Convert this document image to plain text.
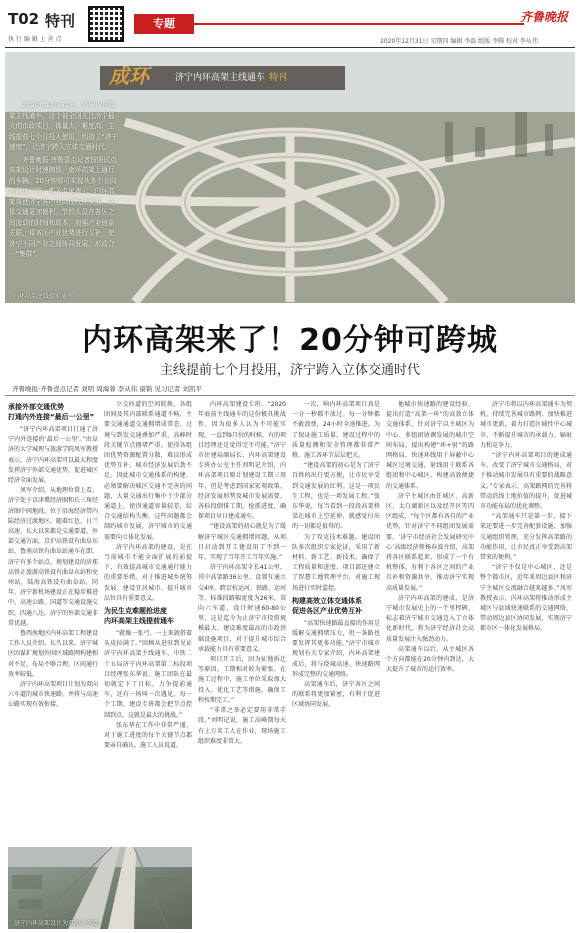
T02 特刊
执 行 编 辑 上 善 点
专题	齐鲁晚报
2020年12月31日 星期四 编辑 李磊 组版 李腾 校对 李从伟
成环	济宁内环高架主线通车 特刊

2020年12月31日，济宁内环高架主线通车，这个被全国关注济宁最大的市政项目，体量大、难度高、主线提前七个月投入使用，创造了“济宁速度”，让济宁跨入立体交通时代。

齐鲁晚报·齐鲁壹点记者按照试点高架设计时速测算，南环高架上通行的车辆，20分钟即可实现从多个方向跨越济宁城，都关专家表示，内环高架将使济宁各产业向现代化发展，立体交通更加便利，节约人员在各区之间流动的时间和成本，加强产业链条关联，将各区产业优势进行互补，使济宁不同产业之间协同发展，形成合一“集群”。

内环高架主线提前通车
内环高架来了！20分钟可跨城
主线提前七个月投用，济宁跨入立体交通时代
齐鲁晚报·齐鲁壹点记者 刘明 周海蓉 李从伟 康锴 见习记者 刘凯平
承接外部交通优势
打通内外连接“最后一公里”

“济宁内环高架项目打通了济宁内外连接的‘最后一公里’。”由阜济的大学城理与旅游学院凤军教授表示，济宁内环高架可以最大程度发挥济宁外部交通优势，促进城区经济全面发展。

凤军介绍，从地理位置上看，济宁处于京津冀经济圈和长三角经济圈中间地段，位于沿海经济带内陆经济过渡地区，随着红色、日兰高速、长大以来都是交通要道，外部交通方面，京沪高铁设有曲阜东站，鲁南高铁有曲阜站通车在即，济宁有多个站点，规划建设的济郑高铁正旅游高铁设有曲阜东站和兖州站，陆海高铁设有曲阜站。同年，济宁新机场建设正在稳步推进中。高速公路、国道等交通设施交织，四通八达，济宁的外部交通非常优越。

鲁西南地区内环高架工程建设工作人员介绍，长久以来，济宁城区因谋扩规划外围区域路网构建相对不足，布局不够合理，区间通行效率较低。

济宁内环高架项目计划为双向六车道的城市快速路，并将与高速公路实现有效衔接。

立交匝道的空间转换，各组团间及其内部联系通道不畅，主要交通通道交通拥堵成常态，过境与到发交通叠加严重，高峰时段关键节点拥堵严重。使得各组团优势资源配置分散，难以形成优势互补，城市经济发展后劲不足。因此城市交通体系的构建，必须要解决城区交通不完善的问题，大量交通出行集中于少部分通道上，使得通道容量较差，综合交通结构失衡。这些问题都会制约城市发展，济宁城市的交通需要向立体化发展。

济宁内环高架的建设，是在当前城市不能全面扩展的前提下，有效提高城市交通通行能力的重要举措。对于推进城乡统筹发展、建设宜居城市、提升城市品位具有重要意义。

为民生克难题抢进度
内环高架主线提前通车

“就像一张弓，一上来就搭着头皮拉满了。”回顾从进驻到见证济宁内环高架主线通车，中铁二十五局济宁内环高架第二标段项目经理张东华说，施工团队在最初就定下了目标，力争提前通车，还有一场叫一次遇见。每一个工期，建设专班都会把节点控制到点，这就是最大的挑战。”

张东华在工作中非常严谨，对于施工进度的每个关键节点都要亲自确认，施工人员说道。

内环高架建设专班。“2020年底前主线通车的这份极具挑战性，因为很多人认为不可能实现，一直到9月份的时候，有的项目经理还是觉得完不可能。”济宁市住建局副局长、内环高架建设专班办公室主任刘明记介绍，内环高架项目原计划建设工期三周年，但是考虑到国家宏观政策、经济发展形势及城市发展需要，各标段倒排工期，抢抓进度，确保项目早日建成通车。

“建设高架的初心就是为了缓解济宁城区交通拥堵问题，从项目启动到开工建设用了不到一年，实现了当年开工当年实施。”

济宁内环高架全长41公里，其中高架路36公里，设置互通立交4座，跨京杭运河、铁路、运河等，标准段路幅宽度为26米，双向六车道，设计时速60-80公里。这是迄今为止济宁市投资规模最大、建设难度最高的市政基础设施项目，对于提升城市综合承载能力具有重要意义。

项目开工后，因为征地拆迁等原因，工期相对较为紧张。在施工过程中，施工单位采取加大投入、优化工艺等措施，确保工程按期完工。”

“非常之举必定要用非常手段。”刘明记说，施工高峰期每天有上万名工人在作业，现场施工组织难度非常大。

一次，响内环高架项目真是一分一秒都不放过。每一分钟都不敢浪费，24小时全速推进。为了保证施工质量，建设过程中的质量检测和安全管理都非常严格，施工各环节层层把关。

“建设高架的初心是为了济宁百姓的出行更方便，让市民享受到交通发展的红利。这是一项民生工程，也是一项发展工程。”张东华说，每当看到一段段高架桥梁在城市上空延伸，就感觉付出的一切都是值得的。

为了攻克技术难题，建设团队多次组织专家论证，采用了新材料、新工艺、新技术，确保了工程质量和进度。项目部还建立了智慧工地管理平台，对施工现场进行实时监控。

构建高效立体交通体系
促进各区产业优势互补

“高架快速路最直接的作用是缓解交通拥堵压力，但一条路也要发挥其更多功能。”济宁市城市规划有关专家介绍，内环高架建成后，将与绕城高速、快速路网形成完整的交通网络。

高架通车后，济宁各区之间的联系将更加紧密，有利于促进区域协同发展。

他城市快速路的建设经验，提出打造“高架一环”的高效立体交通体系，针对济宁以主城区为中心、多组团协调发展的城市空间布局，提出构建“环+射”的路网格局，快速环线用于屏蔽中心城区过境交通，射线用于联系各组团和中心城区，构建高效便捷的交通体系。

济宁主城区由任城区、高新区、太白湖新区以及经开区等四区组成，“每个区都有各自的产业优势，针对济宁不同组团发展需要，‘济宁市经济社会发展研究中心’高级经济师杨春波介绍，高架将各区联系起来，形成了一个有机整体，有利于各区之间的产业互补和资源共享，推动济宁实现高质量发展。”

济宁内环高架的建成，是济宁城市发展史上的一个里程碑，标志着济宁城市交通迈入了立体化新时代，将为济宁经济社会高质量发展注入强劲动力。

高架通车以后，从主城区各个方向都能在20分钟内到达，大大提升了城市的运行效率。

济宁市将以内环高架通车为契机，持续完善城市路网，加快推进城市更新，着力打造区域性中心城市，不断提升城市的承载力、辐射力和竞争力。

“济宁内环高架项目的建成通车，改变了济宁城市交通格局，对于推动城市发展具有重要的战略意义。”专家表示，高架路网的完善将带动沿线土地价值的提升，促进城市功能布局的优化调整。

“高架通车只是第一步，接下来还要进一步完善配套设施，加强交通组织管理，充分发挥高架路的功能作用，让市民真正享受到高架带来的便利。”

“济宁不仅是中心城区，还是整个都市区，近年来周边县区和济宁主城区交流融合越来越多。”凤军教授表示，内环高架将推动形成主城区与县域快速联系的交通网络，带动周边县区协同发展，实现济宁都市区一体化发展格局。

济宁内环高架设计为双向六车道。
